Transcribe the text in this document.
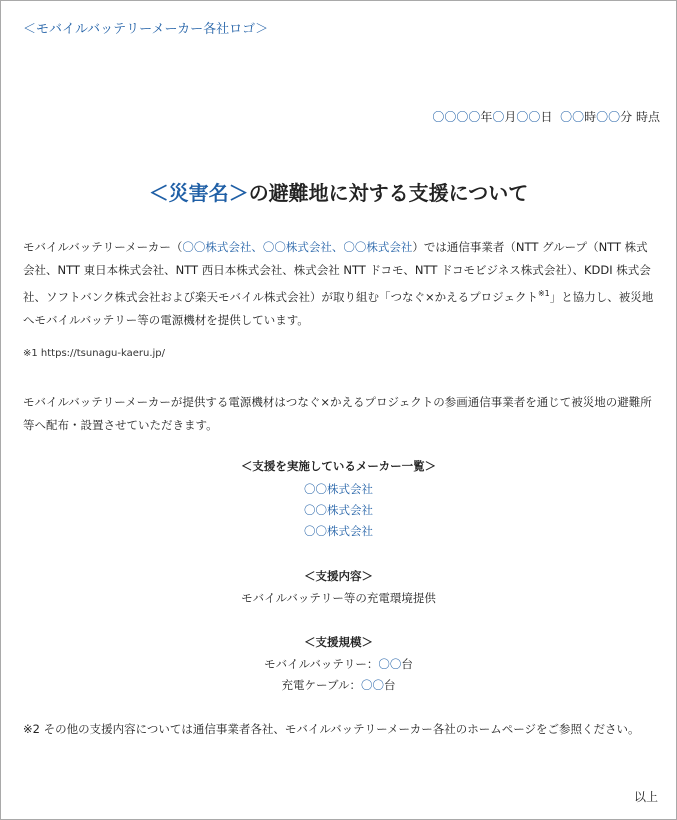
＜モバイルバッテリーメーカー各社ロゴ＞
〇〇〇〇年〇月〇〇日 〇〇時〇〇分 時点
＜災害名＞の避難地に対する支援について
モバイルバッテリーメーカー（〇〇株式会社、〇〇株式会社、〇〇株式会社）では通信事業者（NTT グループ（NTT 株式会社、NTT 東日本株式会社、NTT 西日本株式会社、株式会社 NTT ドコモ、NTT ドコモビジネス株式会社）、KDDI 株式会社、ソフトバンク株式会社および楽天モバイル株式会社）が取り組む「つなぐ×かえるプロジェクト$^{※1}$」と協力し、被災地へモバイルバッテリー等の電源機材を提供しています。
※1 https://tsunagu-kaeru.jp/
モバイルバッテリーメーカーが提供する電源機材はつなぐ×かえるプロジェクトの参画通信事業者を通じて被災地の避難所等へ配布・設置させていただきます。
＜支援を実施しているメーカー一覧＞
〇〇株式会社
〇〇株式会社
〇〇株式会社
＜支援内容＞
モバイルバッテリー等の充電環境提供
＜支援規模＞
モバイルバッテリー：〇〇台
充電ケーブル：〇〇台
※2 その他の支援内容については通信事業者各社、モバイルバッテリーメーカー各社のホームページをご参照ください。
以上
